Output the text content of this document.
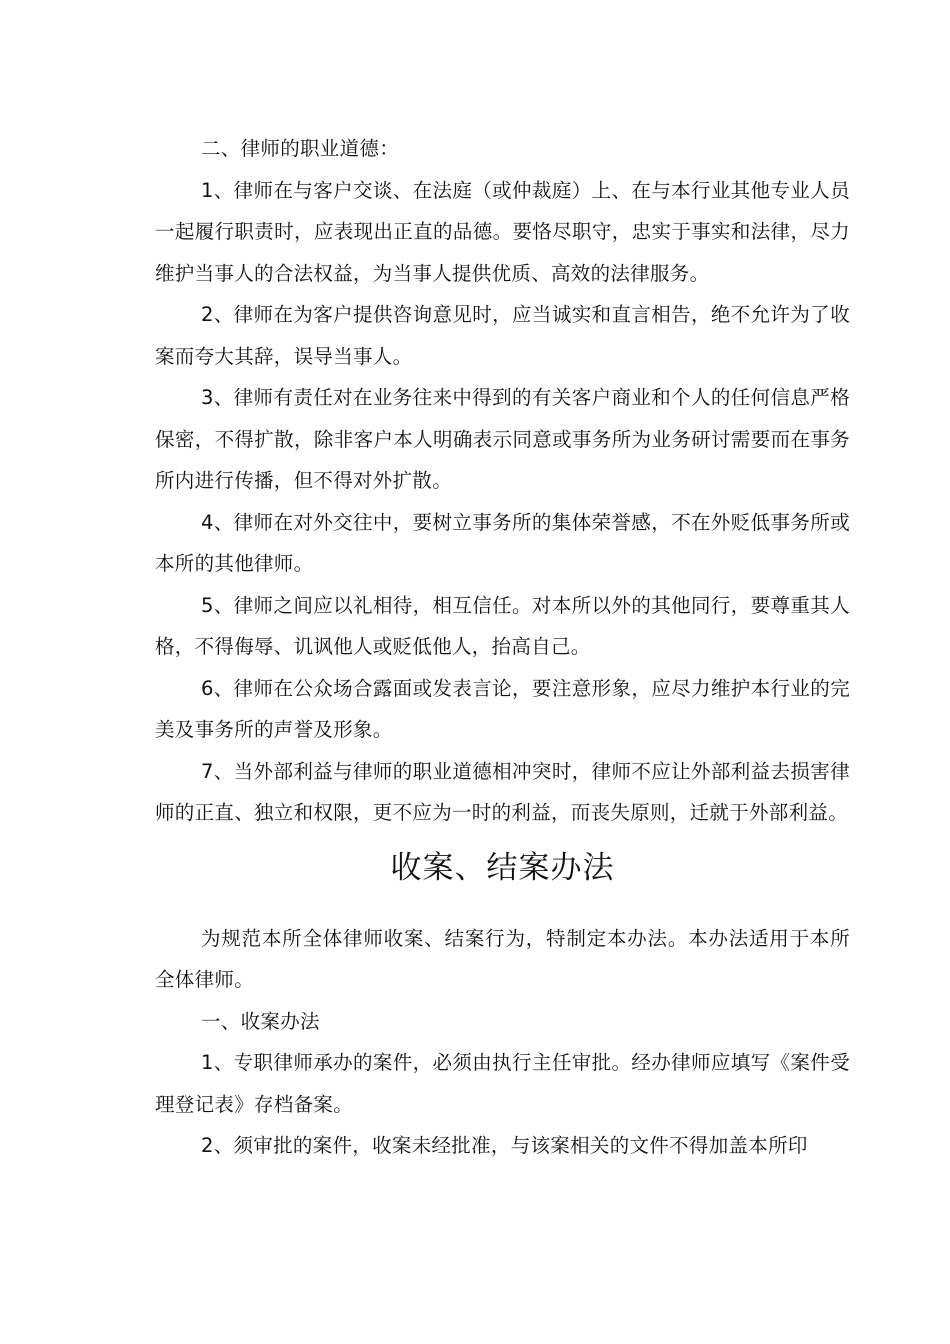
二、律师的职业道德：

1、律师在与客户交谈、在法庭（或仲裁庭）上、在与本行业其他专业人员一起履行职责时，应表现出正直的品德。要恪尽职守，忠实于事实和法律，尽力维护当事人的合法权益，为当事人提供优质、高效的法律服务。

2、律师在为客户提供咨询意见时，应当诚实和直言相告，绝不允许为了收案而夸大其辞，误导当事人。

3、律师有责任对在业务往来中得到的有关客户商业和个人的任何信息严格保密，不得扩散，除非客户本人明确表示同意或事务所为业务研讨需要而在事务所内进行传播，但不得对外扩散。

4、律师在对外交往中，要树立事务所的集体荣誉感，不在外贬低事务所或本所的其他律师。

5、律师之间应以礼相待，相互信任。对本所以外的其他同行，要尊重其人格，不得侮辱、讥讽他人或贬低他人，抬高自己。

6、律师在公众场合露面或发表言论，要注意形象，应尽力维护本行业的完美及事务所的声誉及形象。

7、当外部利益与律师的职业道德相冲突时，律师不应让外部利益去损害律师的正直、独立和权限，更不应为一时的利益，而丧失原则，迁就于外部利益。

收案、结案办法

为规范本所全体律师收案、结案行为，特制定本办法。本办法适用于本所全体律师。

一、收案办法

1、专职律师承办的案件，必须由执行主任审批。经办律师应填写《案件受理登记表》存档备案。

2、须审批的案件，收案未经批准，与该案相关的文件不得加盖本所印
